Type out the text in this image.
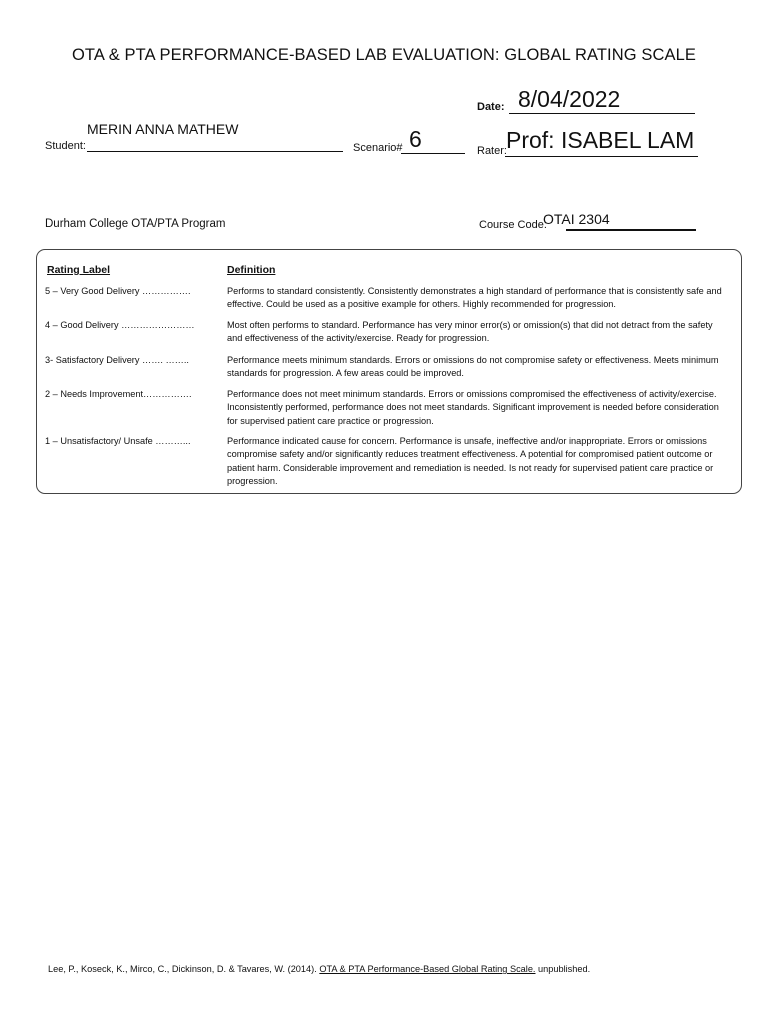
OTA & PTA PERFORMANCE-BASED LAB EVALUATION: GLOBAL RATING SCALE
Date: 8/04/2022
MERIN ANNA MATHEW
Student:	Scenario# 6	Rater: Prof: ISABEL LAM
Durham College OTA/PTA Program	Course Code:
OTAI 2304
Rating Label	Definition
5 – Very Good Delivery …………….	Performs to standard consistently. Consistently demonstrates a high standard of performance that is consistently safe and effective. Could be used as a positive example for others. Highly recommended for progression.
4 – Good Delivery ……………………	Most often performs to standard. Performance has very minor error(s) or omission(s) that did not detract from the safety and effectiveness of the activity/exercise. Ready for progression.
3- Satisfactory Delivery ……. ……..	Performance meets minimum standards. Errors or omissions do not compromise safety or effectiveness. Meets minimum standards for progression. A few areas could be improved.
2 – Needs Improvement…………….	Performance does not meet minimum standards. Errors or omissions compromised the effectiveness of activity/exercise. Inconsistently performed, performance does not meet standards. Significant improvement is needed before consideration for supervised patient care practice or progression.
1 – Unsatisfactory/ Unsafe ………...	Performance indicated cause for concern. Performance is unsafe, ineffective and/or inappropriate. Errors or omissions compromise safety and/or significantly reduces treatment effectiveness. A potential for compromised patient outcome or patient harm. Considerable improvement and remediation is needed. Is not ready for supervised patient care practice or progression.
Lee, P., Koseck, K., Mirco, C., Dickinson, D. & Tavares, W. (2014). OTA & PTA Performance-Based Global Rating Scale. unpublished.
